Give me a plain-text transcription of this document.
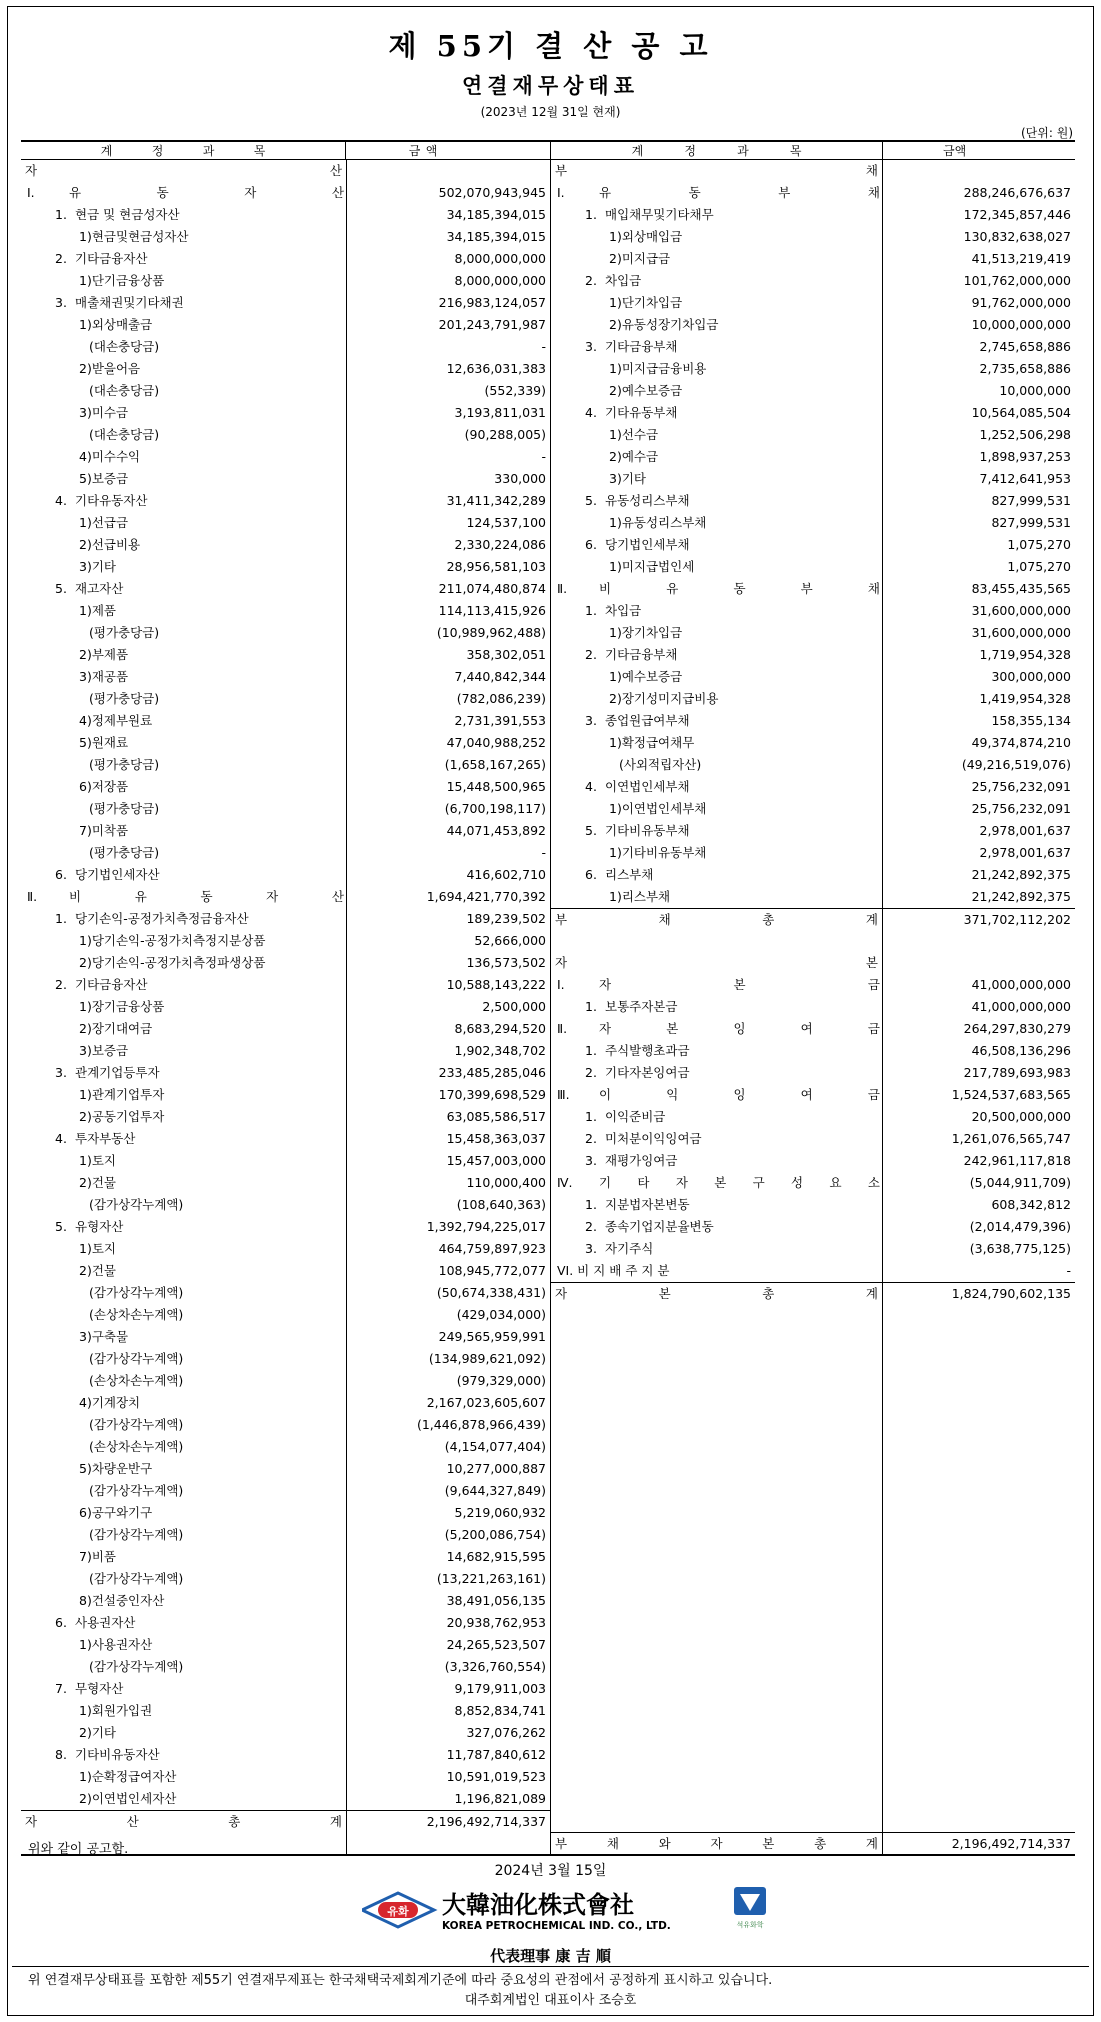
제 55기 결 산 공 고
연결재무상태표
(2023년 12월 31일 현재)
(단위: 원)
계	정	과	목	금 액	계	정	과	목	금 액
자	산	부	채
Ⅰ.	유	동	자	산	502,070,943,945 Ⅰ.	유	동	부	채	288,246,676,637
1. 현금 및 현금성자산	34,185,394,015	1. 매입채무및기타채무	172,345,857,446
1)현금및현금성자산	34,185,394,015	1)외상매입금	130,832,638,027
2. 기타금융자산	8,000,000,000	2)미지급금	41,513,219,419
1)단기금융상품	8,000,000,000	2. 차입금	101,762,000,000
3. 매출채권및기타채권	216,983,124,057	1)단기차입금	91,762,000,000
1)외상매출금	201,243,791,987	2)유동성장기차입금	10,000,000,000
(대손충당금)	-	3. 기타금융부채	2,745,658,886
2)받을어음	12,636,031,383	1)미지급금융비용	2,735,658,886
(대손충당금)	(552,339)	2)예수보증금	10,000,000
3)미수금	3,193,811,031	4. 기타유동부채	10,564,085,504
(대손충당금)	(90,288,005)	1)선수금	1,252,506,298
4)미수수익	-	2)예수금	1,898,937,253
5)보증금	330,000	3)기타	7,412,641,953
4. 기타유동자산	31,411,342,289	5. 유동성리스부채	827,999,531
1)선급금	124,537,100	1)유동성리스부채	827,999,531
2)선급비용	2,330,224,086	6. 당기법인세부채	1,075,270
3)기타	28,956,581,103	1)미지급법인세	1,075,270
5. 재고자산	211,074,480,874 Ⅱ.	비	유	동	부	채	83,455,435,565
1)제품	114,113,415,926	1. 차입금	31,600,000,000
(평가충당금)	(10,989,962,488)	1)장기차입금	31,600,000,000
2)부제품	358,302,051	2. 기타금융부채	1,719,954,328
3)재공품	7,440,842,344	1)예수보증금	300,000,000
(평가충당금)	(782,086,239)	2)장기성미지급비용	1,419,954,328
4)정제부원료	2,731,391,553	3. 종업원급여부채	158,355,134
5)원재료	47,040,988,252	1)확정급여채무	49,374,874,210
(평가충당금)	(1,658,167,265)	(사외적립자산)	(49,216,519,076)
6)저장품	15,448,500,965	4. 이연법인세부채	25,756,232,091
(평가충당금)	(6,700,198,117)	1)이연법인세부채	25,756,232,091
7)미착품	44,071,453,892	5. 기타비유동부채	2,978,001,637
(평가충당금)	-	1)기타비유동부채	2,978,001,637
6. 당기법인세자산	416,602,710	6. 리스부채	21,242,892,375
Ⅱ.	비	유	동	자	산	1,694,421,770,392	1)리스부채	21,242,892,375
1. 당기손익-공정가치측정금융자산	189,239,502 부	채	총	계	371,702,112,202
1)당기손익-공정가치측정지분상품	52,666,000
2)당기손익-공정가치측정파생상품	136,573,502 자	본
2. 기타금융자산	10,588,143,222 I.	자	본	금	41,000,000,000
1)장기금융상품	2,500,000	1. 보통주자본금	41,000,000,000
2)장기대여금	8,683,294,520 Ⅱ.	자	본	잉	여	금	264,297,830,279
3)보증금	1,902,348,702	1. 주식발행초과금	46,508,136,296
3. 관계기업등투자	233,485,285,046	2. 기타자본잉여금	217,789,693,983
1)관계기업투자	170,399,698,529 Ⅲ.	이	익	잉	여	금	1,524,537,683,565
2)공동기업투자	63,085,586,517	1. 이익준비금	20,500,000,000
4. 투자부동산	15,458,363,037	2. 미처분이익잉여금	1,261,076,565,747
1)토지	15,457,003,000	3. 재평가잉여금	242,961,117,818
2)건물	110,000,400 Ⅳ.	기 타 자 본 구 성 요 소	(5,044,911,709)
(감가상각누계액)	(108,640,363)	1. 지분법자본변동	608,342,812
5. 유형자산	1,392,794,225,017	2. 종속기업지분율변동	(2,014,479,396)
1)토지	464,759,897,923	3. 자기주식	(3,638,775,125)
2)건물	108,945,772,077 VI. 비 지 배 주 지 분	-
(감가상각누계액)	(50,674,338,431) 자	본	총	계	1,824,790,602,135
(손상차손누계액)	(429,034,000)
3)구축물	249,565,959,991
(감가상각누계액)	(134,989,621,092)
(손상차손누계액)	(979,329,000)
4)기계장치	2,167,023,605,607
(감가상각누계액)	(1,446,878,966,439)
(손상차손누계액)	(4,154,077,404)
5)차량운반구	10,277,000,887
(감가상각누계액)	(9,644,327,849)
6)공구와기구	5,219,060,932
(감가상각누계액)	(5,200,086,754)
7)비품	14,682,915,595
(감가상각누계액)	(13,221,263,161)
8)건설중인자산	38,491,056,135
6. 사용권자산	20,938,762,953
1)사용권자산	24,265,523,507
(감가상각누계액)	(3,326,760,554)
7. 무형자산	9,179,911,003
1)회원가입권	8,852,834,741
2)기타	327,076,262
8. 기타비유동자산	11,787,840,612
1)순확정급여자산	10,591,019,523
2)이연법인세자산	1,196,821,089
자	산	총	계	2,196,492,714,337
부	채	와	자	본	총	계	2,196,492,714,337
위와 같이 공고함.
2024년 3월 15일
유화 大韓油化株式會社
KOREA PETROCHEMICAL IND. CO., LTD.	석유화학
代表理事 康 吉 順
위 연결재무상태표를 포함한 제55기 연결재무제표는 한국채택국제회계기준에 따라 중요성의 관점에서 공정하게 표시하고 있습니다.
대주회계법인 대표이사 조승호
